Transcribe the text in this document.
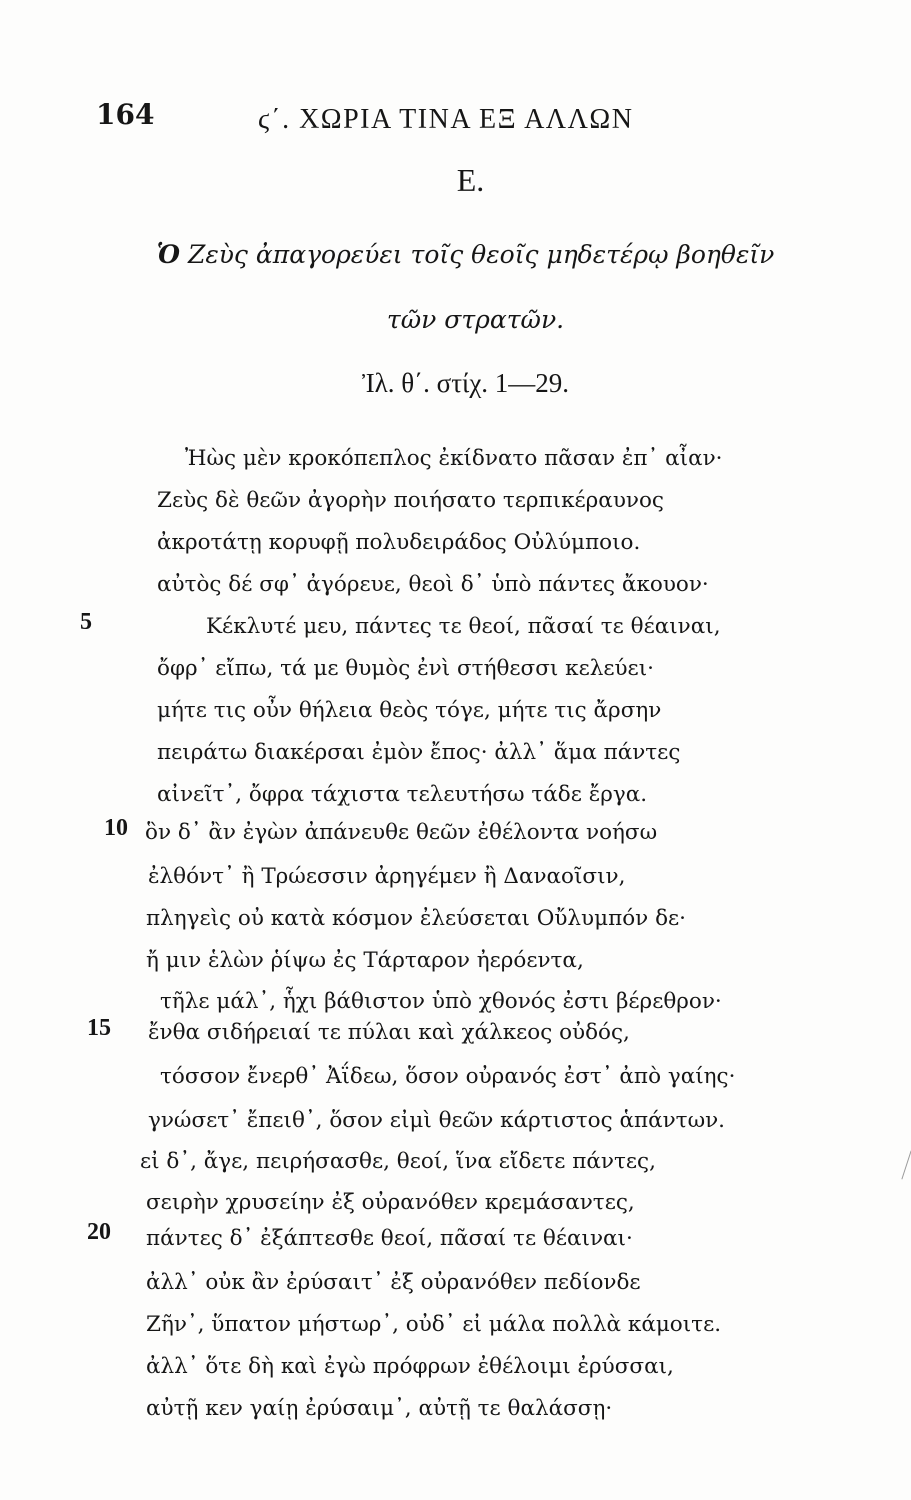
164	ϛ΄. ΧΩΡΙΑ ΤΙΝΑ ΕΞ ΑΛΛΩΝ
Ε.
Ὁ Ζεὺς ἀπαγορεύει τοῖς θεοῖς μηδετέρῳ βοηθεῖν
τῶν στρατῶν.
Ἰλ. θ΄. στίχ. 1—29.
Ἠὼς μὲν κροκόπεπλος ἐκίδνατο πᾶσαν ἐπ᾽ αἶαν·
Ζεὺς δὲ θεῶν ἀγορὴν ποιήσατο τερπικέραυνος
ἀκροτάτῃ κορυφῇ πολυδειράδος Οὐλύμποιο.
αὐτὸς δέ σφ᾽ ἀγόρευε, θεοὶ δ᾽ ὑπὸ πάντες ἄκουον·
5	Κέκλυτέ μευ, πάντες τε θεοί, πᾶσαί τε θέαιναι,
ὄφρ᾽ εἴπω, τά με θυμὸς ἐνὶ στήθεσσι κελεύει·
μήτε τις οὖν θήλεια θεὸς τόγε, μήτε τις ἄρσην
πειράτω διακέρσαι ἐμὸν ἔπος· ἀλλ᾽ ἅμα πάντες
αἰνεῖτ᾽, ὄφρα τάχιστα τελευτήσω τάδε ἔργα.
10 ὃν δ᾽ ἂν ἐγὼν ἀπάνευθε θεῶν ἐθέλοντα νοήσω
ἐλθόντ᾽ ἢ Τρώεσσιν ἀρηγέμεν ἢ Δαναοῖσιν,
πληγεὶς οὐ κατὰ κόσμον ἐλεύσεται Οὔλυμπόν δε·
ἤ μιν ἑλὼν ῥίψω ἐς Τάρταρον ἠερόεντα,
τῆλε μάλ᾽, ἧχι βάθιστον ὑπὸ χθονός ἐστι βέρεθρον·
15 ἔνθα σιδήρειαί τε πύλαι καὶ χάλκεος οὐδός,
τόσσον ἔνερθ᾽ Ἀΐδεω, ὅσον οὐρανός ἐστ᾽ ἀπὸ γαίης·
γνώσετ᾽ ἔπειθ᾽, ὅσον εἰμὶ θεῶν κάρτιστος ἁπάντων.
εἰ δ᾽, ἄγε, πειρήσασθε, θεοί, ἵνα εἴδετε πάντες,
σειρὴν χρυσείην ἐξ οὐρανόθεν κρεμάσαντες,
20 πάντες δ᾽ ἐξάπτεσθε θεοί, πᾶσαί τε θέαιναι·
ἀλλ᾽ οὐκ ἂν ἐρύσαιτ᾽ ἐξ οὐρανόθεν πεδίονδε
Ζῆν᾽, ὕπατον μήστωρ᾽, οὐδ᾽ εἰ μάλα πολλὰ κάμοιτε.
ἀλλ᾽ ὅτε δὴ καὶ ἐγὼ πρόφρων ἐθέλοιμι ἐρύσσαι,
αὐτῇ κεν γαίῃ ἐρύσαιμ᾽, αὐτῇ τε θαλάσσῃ·
